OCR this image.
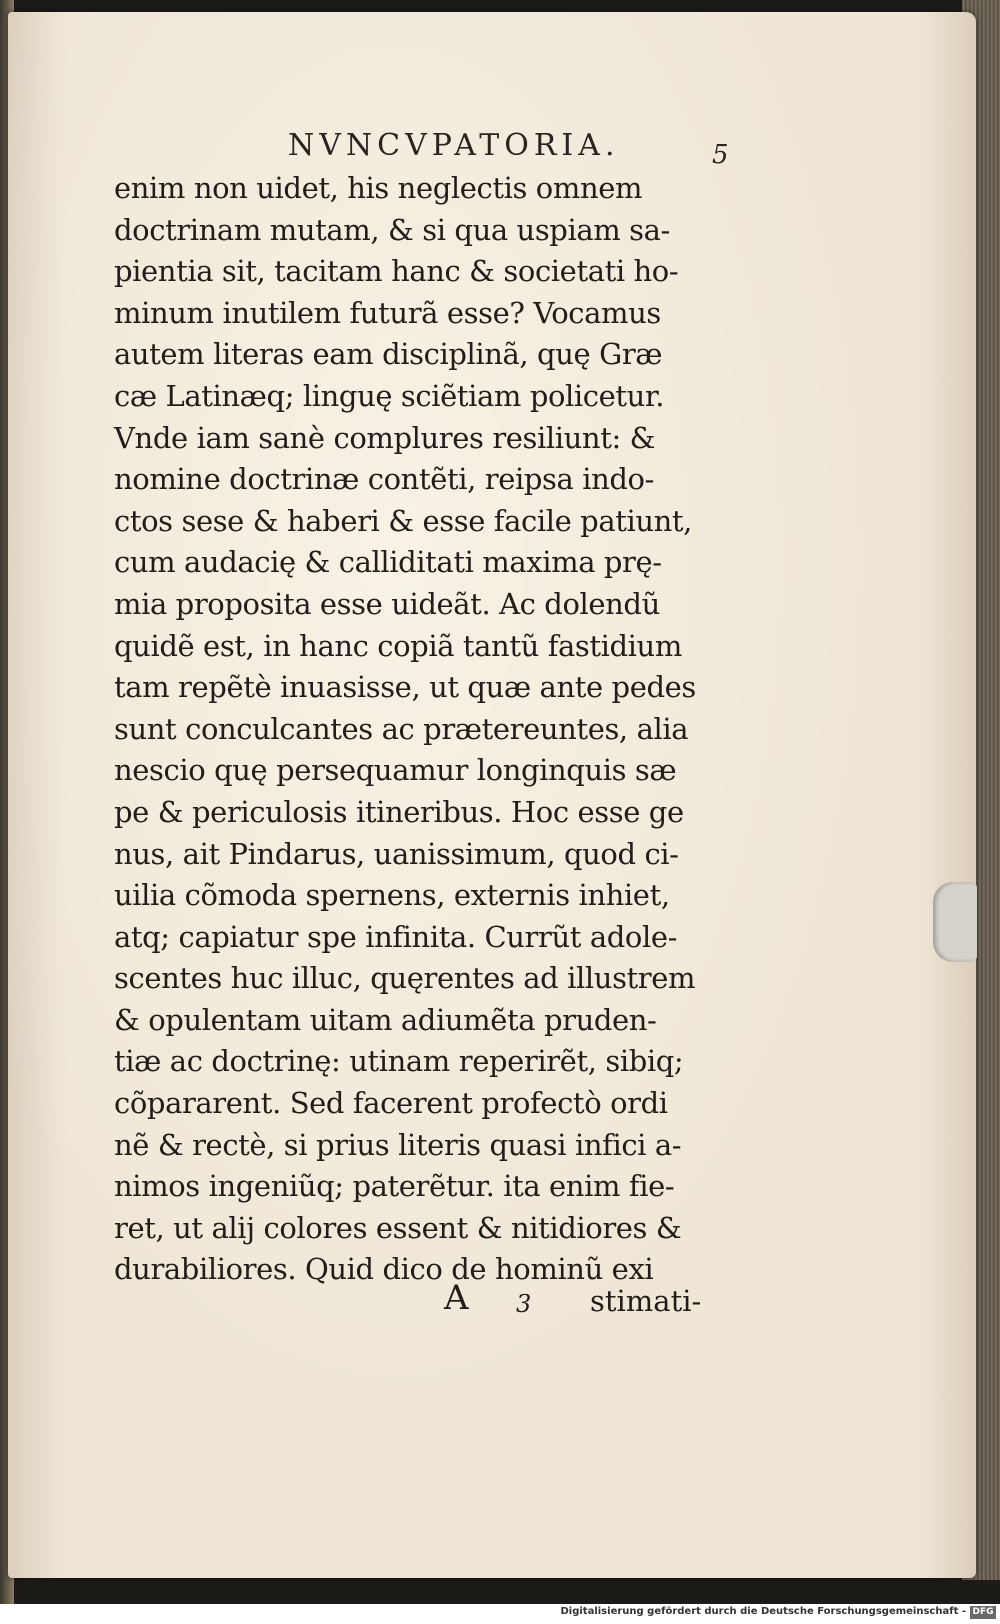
NVNCVPATORIA.	5
enim non uidet, his neglectis omnem
doctrinam mutam, & si qua uspiam sa-
pientia sit, tacitam hanc & societati ho-
minum inutilem futurã esse? Vocamus
autem literas eam disciplinã, quę Græ
cæ Latinæq; linguę sciẽtiam policetur.
Vnde iam sanè complures resiliunt: &
nomine doctrinæ contẽti, reipsa indo-
ctos sese & haberi & esse facile patiunt,
cum audacię & calliditati maxima prę-
mia proposita esse uideãt. Ac dolendũ
quidẽ est, in hanc copiã tantũ fastidium
tam repẽtè inuasisse, ut quæ ante pedes
sunt conculcantes ac prætereuntes, alia
nescio quę persequamur longinquis sæ
pe & periculosis itineribus. Hoc esse ge
nus, ait Pindarus, uanissimum, quod ci-
uilia cõmoda spernens, externis inhiet,
atq; capiatur spe infinita. Currũt adole-
scentes huc illuc, quęrentes ad illustrem
& opulentam uitam adiumẽta pruden-
tiæ ac doctrinę: utinam reperirẽt, sibiq;
cõpararent. Sed facerent profectò ordi
nẽ & rectè, si prius literis quasi infici a-
nimos ingeniũq; paterẽtur. ita enim fie-
ret, ut alij colores essent & nitidiores &
durabiliores. Quid dico de hominũ exi
A 3 stimati-
Digitalisierung gefördert durch die Deutsche Forschungsgemeinschaft - DFG
